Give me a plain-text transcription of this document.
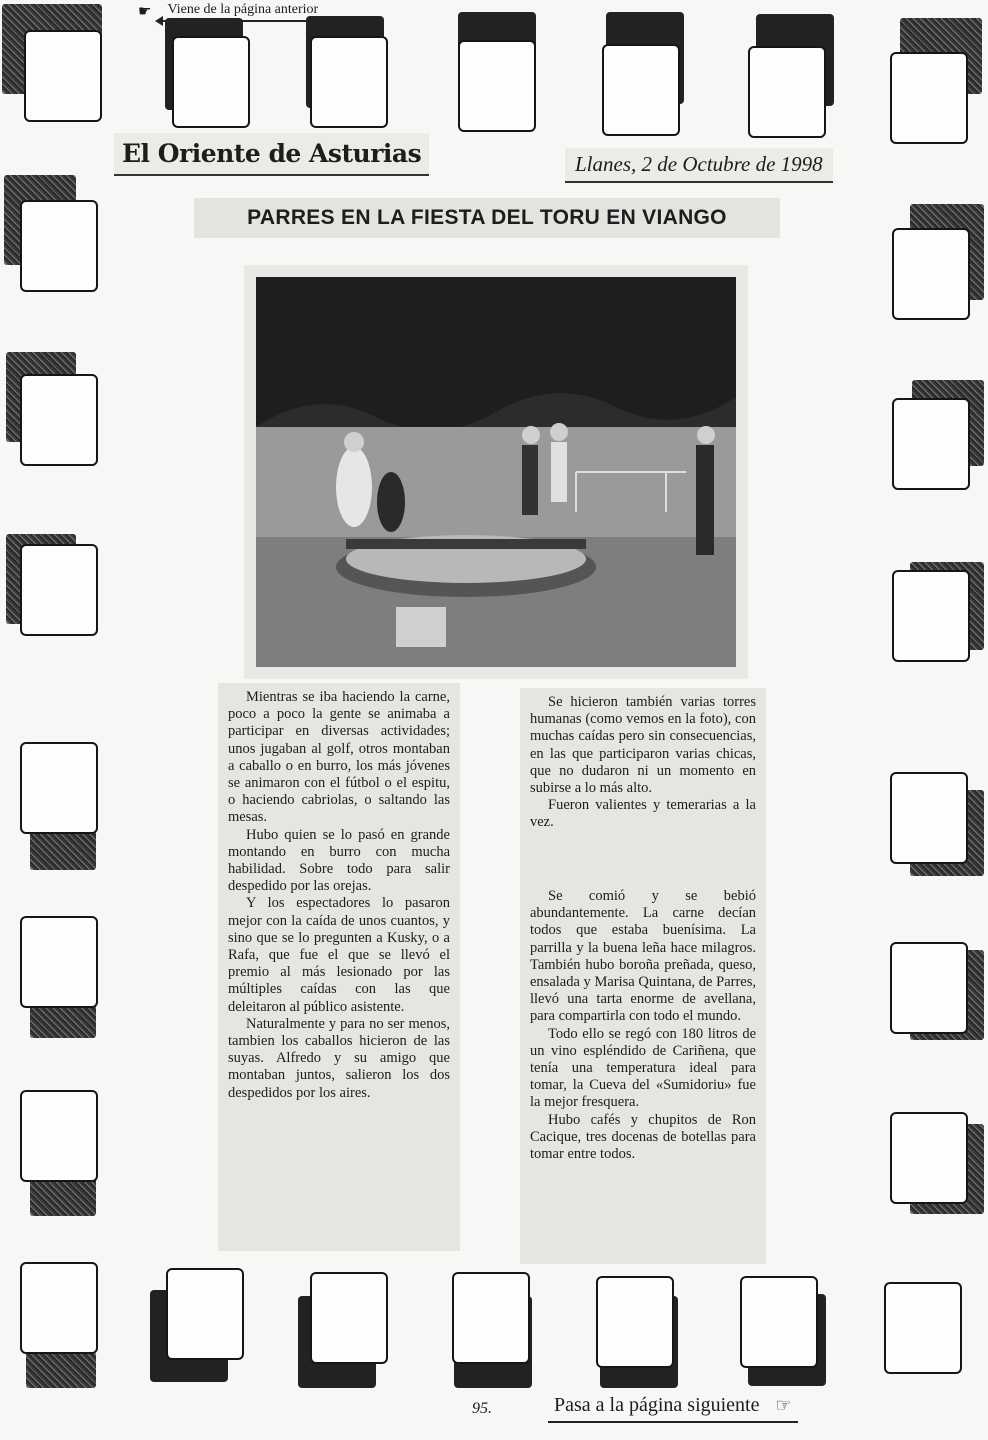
☛	Viene de la página anterior
El Oriente de Asturias	Llanes, 2 de Octubre de 1998
PARRES EN LA FIESTA DEL TORU EN VIANGO

Mientras se iba haciendo la carne, poco a poco la gente se animaba a participar en diversas actividades; unos jugaban al golf, otros montaban a caballo o en burro, los más jóvenes se animaron con el fútbol o el espitu, o haciendo cabriolas, o saltando las mesas.

Hubo quien se lo pasó en grande montando en burro con mucha habilidad. Sobre todo para salir despedido por las orejas.

Y los espectadores lo pasaron mejor con la caída de unos cuantos, y sino que se lo pregunten a Kusky, o a Rafa, que fue el que se llevó el premio al más lesionado por las múltiples caídas con las que deleitaron al público asistente.

Naturalmente y para no ser menos, tambien los caballos hicieron de las suyas. Alfredo y su amigo que montaban juntos, salieron los dos despedidos por los aires.

Se hicieron también varias torres humanas (como vemos en la foto), con muchas caídas pero sin consecuencias, en las que participaron varias chicas, que no dudaron ni un momento en subirse a lo más alto.

Fueron valientes y temerarias a la vez.

Se comió y se bebió abundantemente. La carne decían todos que estaba buenísima. La parrilla y la buena leña hace milagros. También hubo boroña preñada, queso, ensalada y Marisa Quintana, de Parres, llevó una tarta enorme de avellana, para compartirla con todo el mundo.

Todo ello se regó con 180 litros de un vino espléndido de Cariñena, que tenía una temperatura ideal para tomar, la Cueva del «Sumidoriu» fue la mejor fresquera.

Hubo cafés y chupitos de Ron Cacique, tres docenas de botellas para tomar entre todos.

95.	Pasa a la página siguiente ☞
